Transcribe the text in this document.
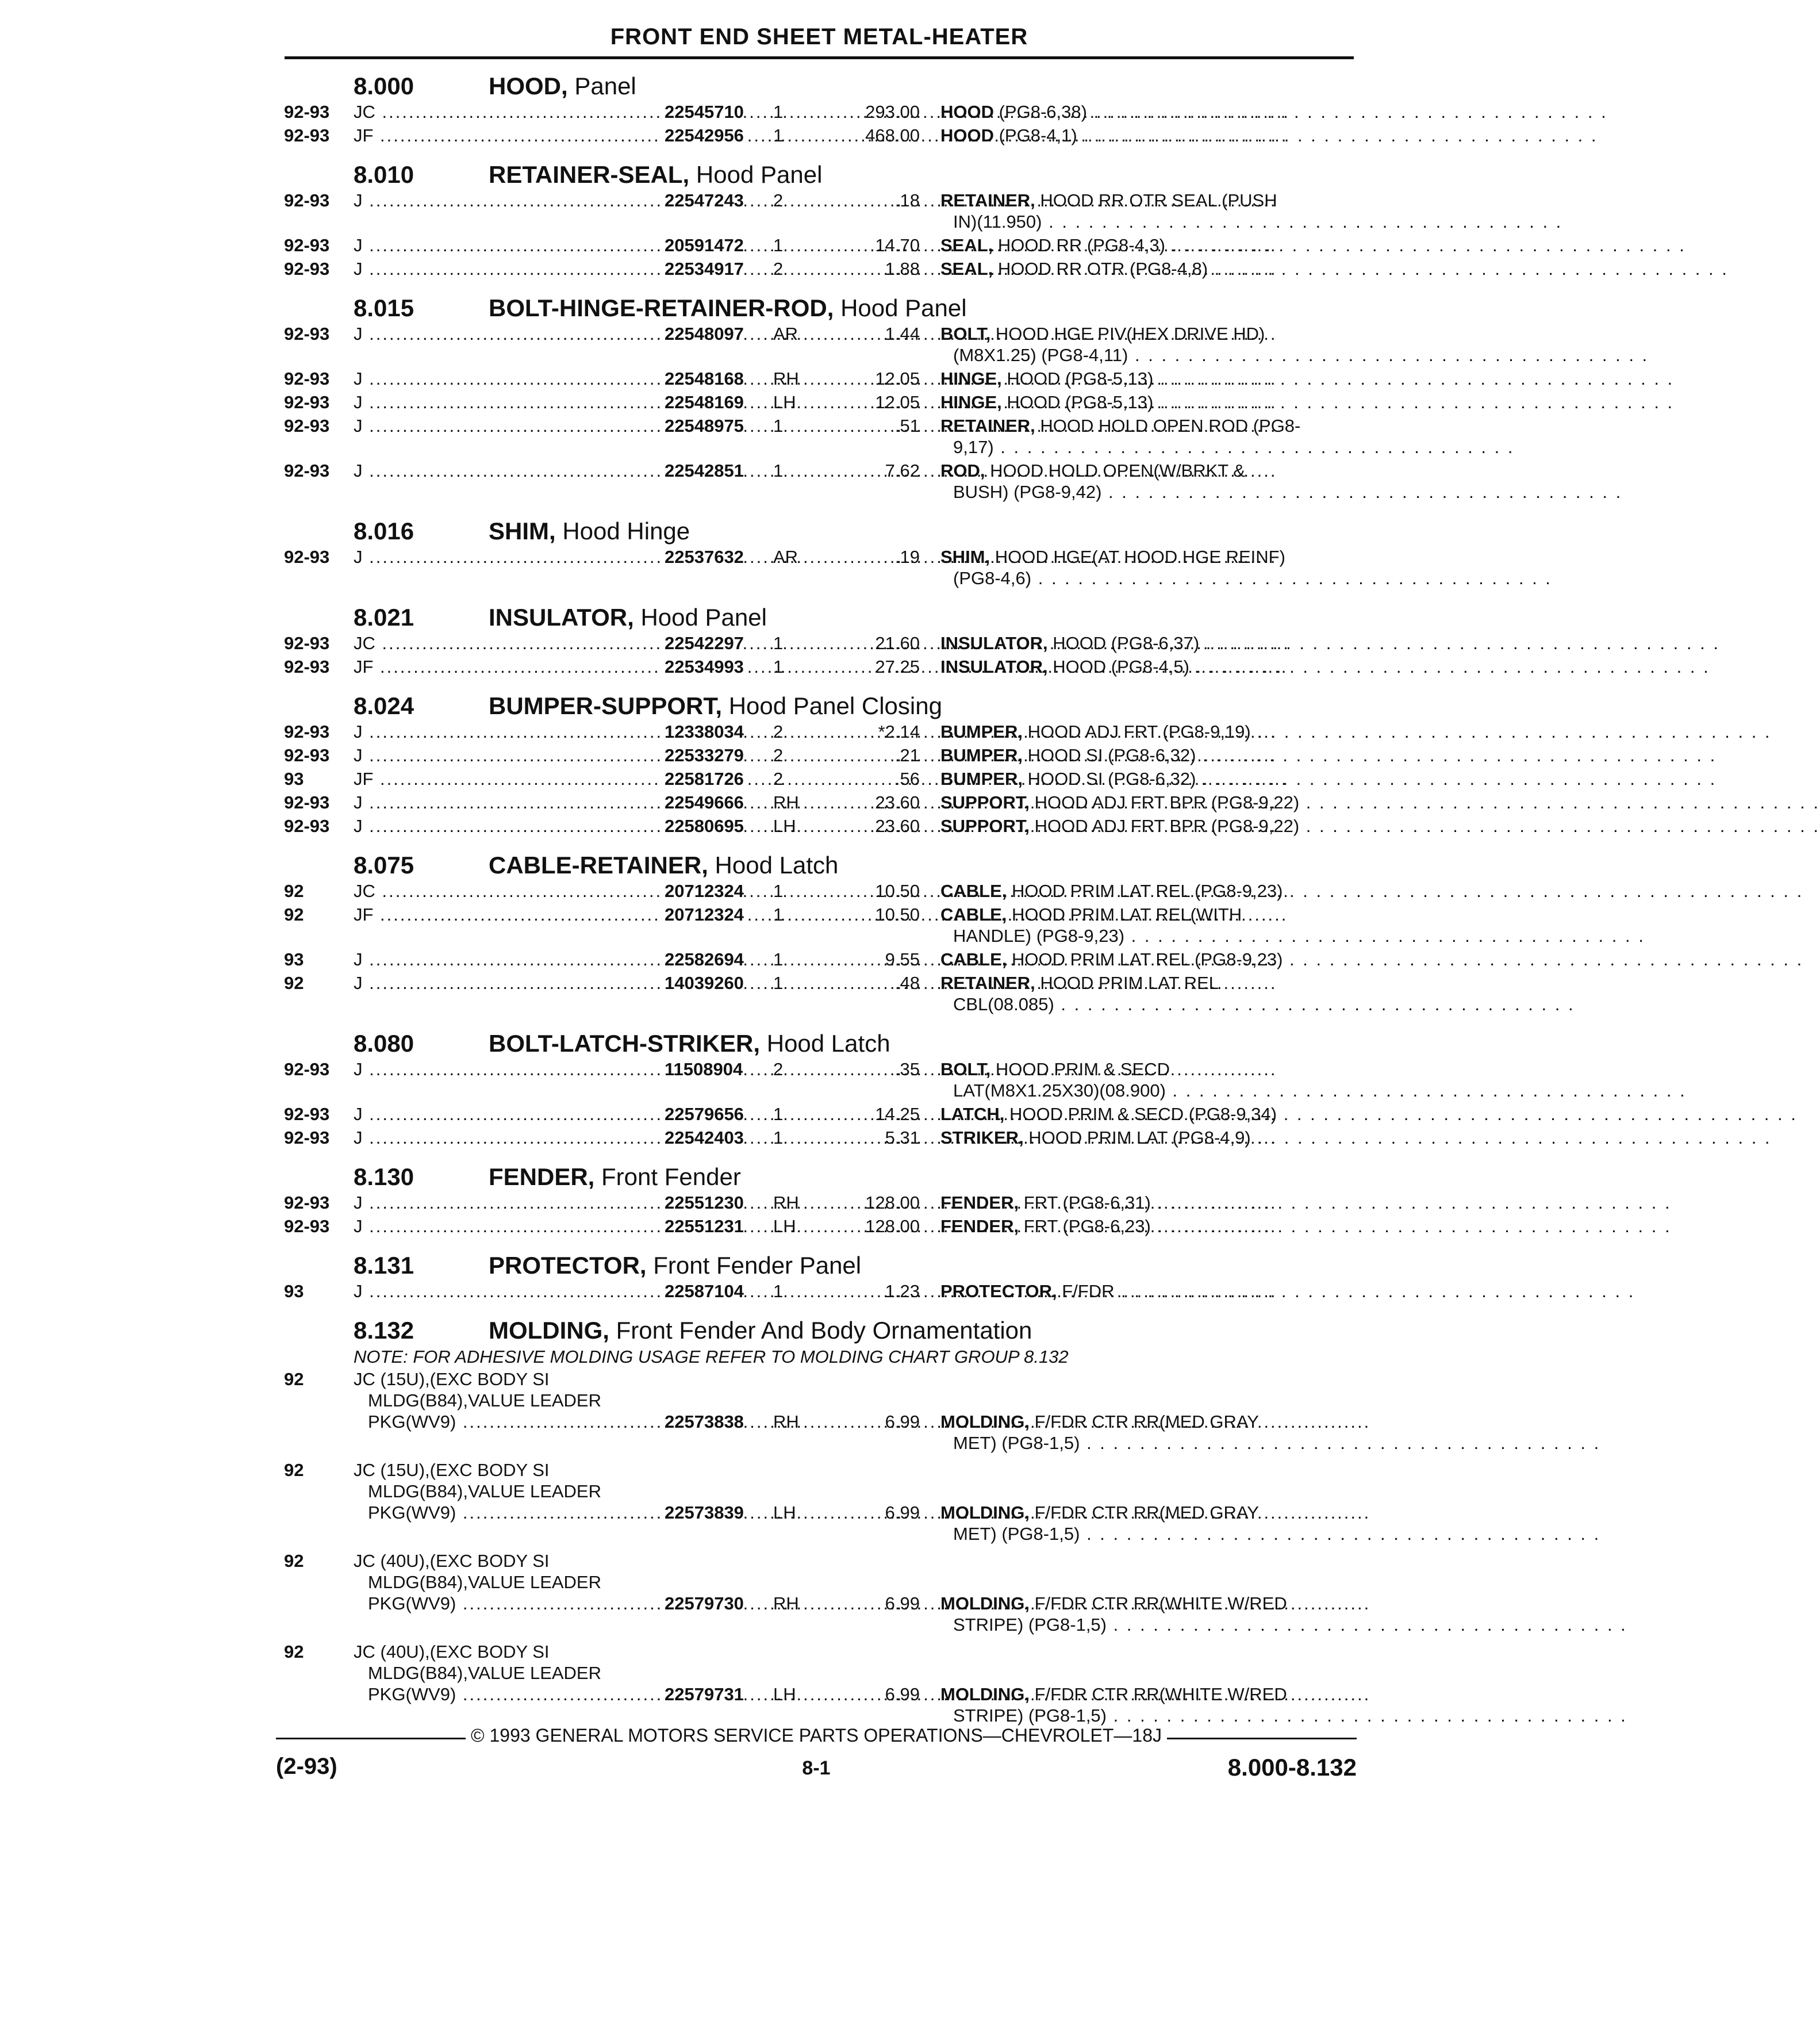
FRONT END SHEET METAL-HEATER
8.000	HOOD, Panel
92-93 JC .....	22545710 1	293.00 HOOD (PG8-6,38) . . . . . . . . . . . . . . . . . . . . . . . . . . . . . . . . . . . . . . .
92-93 JF .....	22542956 1	468.00 HOOD (PG8-4,1) . . . . . . . . . . . . . . . . . . . . . . . . . . . . . . . . . . . . . . .
8.010	RETAINER-SEAL, Hood Panel
92-93 J .....	22547243 2	.18 RETAINER, HOOD RR OTR SEAL (PUSH
IN)(11.950) . . . . . . . . . . . . . . . . . . . . . . . . . . . . . . . . . . . . . . .
92-93 J .....	20591472 1	14.70 SEAL, HOOD RR (PG8-4,3) . . . . . . . . . . . . . . . . . . . . . . . . . . . . . . . . . . . . . . .
92-93 J .....	22534917 2	1.88 SEAL, HOOD RR OTR (PG8-4,8) . . . . . . . . . . . . . . . . . . . . . . . . . . . . . . . . . . . . . . .
8.015	BOLT-HINGE-RETAINER-ROD, Hood Panel
92-93 J .....	22548097 AR	1.44 BOLT, HOOD HGE PIV(HEX DRIVE HD)
(M8X1.25) (PG8-4,11) . . . . . . . . . . . . . . . . . . . . . . . . . . . . . . . . . . . . . . .
92-93 J .....	22548168 RH	12.05 HINGE, HOOD (PG8-5,13) . . . . . . . . . . . . . . . . . . . . . . . . . . . . . . . . . . . . . . .
92-93 J .....	22548169 LH	12.05 HINGE, HOOD (PG8-5,13) . . . . . . . . . . . . . . . . . . . . . . . . . . . . . . . . . . . . . . .
92-93 J .....	22548975 1	.51 RETAINER, HOOD HOLD OPEN ROD (PG8-
9,17) . . . . . . . . . . . . . . . . . . . . . . . . . . . . . . . . . . . . . . .
92-93 J .....	22542851 1	7.62 ROD, HOOD HOLD OPEN(W/BRKT &
BUSH) (PG8-9,42) . . . . . . . . . . . . . . . . . . . . . . . . . . . . . . . . . . . . . . .
8.016	SHIM, Hood Hinge
92-93 J .....	22537632 AR	.19 SHIM, HOOD HGE(AT HOOD HGE REINF)
(PG8-4,6) . . . . . . . . . . . . . . . . . . . . . . . . . . . . . . . . . . . . . . .
8.021	INSULATOR, Hood Panel
92-93 JC .....	22542297 1	21.60 INSULATOR, HOOD (PG8-6,37) . . . . . . . . . . . . . . . . . . . . . . . . . . . . . . . . . . . . . . .
92-93 JF .....	22534993 1	27.25 INSULATOR, HOOD (PG8-4,5) . . . . . . . . . . . . . . . . . . . . . . . . . . . . . . . . . . . . . . .
8.024	BUMPER-SUPPORT, Hood Panel Closing
92-93 J .....	12338034 2	*2.14 BUMPER, HOOD ADJ FRT (PG8-9,19) . . . . . . . . . . . . . . . . . . . . . . . . . . . . . . . . . . . . . . .
92-93 J .....	22533279 2	.21 BUMPER, HOOD SI (PG8-6,32) . . . . . . . . . . . . . . . . . . . . . . . . . . . . . . . . . . . . . . .
93	JF .....	22581726 2	.56 BUMPER, HOOD SI (PG8-6,32) . . . . . . . . . . . . . . . . . . . . . . . . . . . . . . . . . . . . . . .
92-93 J .....	22549666 RH	23.60 SUPPORT, HOOD ADJ FRT BPR (PG8-9,22) . . . . . . . . . . . . . . . . . . . . . . . . . . . . . . . . . . . . . . .
92-93 J .....	22580695 LH	23.60 SUPPORT, HOOD ADJ FRT BPR (PG8-9,22) . . . . . . . . . . . . . . . . . . . . . . . . . . . . . . . . . . . . . . .
8.075	CABLE-RETAINER, Hood Latch
92	JC .....	20712324 1	10.50 CABLE, HOOD PRIM LAT REL (PG8-9,23) . . . . . . . . . . . . . . . . . . . . . . . . . . . . . . . . . . . . . . .
92	JF .....	20712324 1	10.50 CABLE, HOOD PRIM LAT REL(WITH
HANDLE) (PG8-9,23) . . . . . . . . . . . . . . . . . . . . . . . . . . . . . . . . . . . . . . .
93	J .....	22582694 1	9.55 CABLE, HOOD PRIM LAT REL (PG8-9,23) . . . . . . . . . . . . . . . . . . . . . . . . . . . . . . . . . . . . . . .
92	J .....	14039260 1	.48 RETAINER, HOOD PRIM LAT REL
CBL(08.085) . . . . . . . . . . . . . . . . . . . . . . . . . . . . . . . . . . . . . . .
8.080	BOLT-LATCH-STRIKER, Hood Latch
92-93 J .....	11508904 2	.35 BOLT, HOOD PRIM & SECD
LAT(M8X1.25X30)(08.900) . . . . . . . . . . . . . . . . . . . . . . . . . . . . . . . . . . . . . . .
92-93 J .....	22579656 1	14.25 LATCH, HOOD PRIM & SECD (PG8-9,34) . . . . . . . . . . . . . . . . . . . . . . . . . . . . . . . . . . . . . . .
92-93 J .....	22542403 1	5.31 STRIKER, HOOD PRIM LAT (PG8-4,9) . . . . . . . . . . . . . . . . . . . . . . . . . . . . . . . . . . . . . . .
8.130	FENDER, Front Fender
92-93 J .....	22551230 RH	128.00 FENDER, FRT (PG8-6,31) . . . . . . . . . . . . . . . . . . . . . . . . . . . . . . . . . . . . . . .
92-93 J .....	22551231 LH	128.00 FENDER, FRT (PG8-6,23) . . . . . . . . . . . . . . . . . . . . . . . . . . . . . . . . . . . . . . .
8.131	PROTECTOR, Front Fender Panel
93	J .....	22587104 1	1.23 PROTECTOR, F/FDR . . . . . . . . . . . . . . . . . . . . . . . . . . . . . . . . . . . . . . .
8.132	MOLDING, Front Fender And Body Ornamentation
NOTE: FOR ADHESIVE MOLDING USAGE REFER TO MOLDING CHART GROUP 8.132
92	JC (15U),(EXC BODY SI
MLDG(B84),VALUE LEADER
PKG(WV9) .....	22573838 RH	6.99 MOLDING, F/FDR CTR RR(MED GRAY
MET) (PG8-1,5) . . . . . . . . . . . . . . . . . . . . . . . . . . . . . . . . . . . . . . .
92	JC (15U),(EXC BODY SI
MLDG(B84),VALUE LEADER
PKG(WV9) .....	22573839 LH	6.99 MOLDING, F/FDR CTR RR(MED GRAY
MET) (PG8-1,5) . . . . . . . . . . . . . . . . . . . . . . . . . . . . . . . . . . . . . . .
92	JC (40U),(EXC BODY SI
MLDG(B84),VALUE LEADER
PKG(WV9) .....	22579730 RH	6.99 MOLDING, F/FDR CTR RR(WHITE W/RED
STRIPE) (PG8-1,5) . . . . . . . . . . . . . . . . . . . . . . . . . . . . . . . . . . . . . . .
92	JC (40U),(EXC BODY SI
MLDG(B84),VALUE LEADER
PKG(WV9) .....	22579731 LH	6.99 MOLDING, F/FDR CTR RR(WHITE W/RED
STRIPE) (PG8-1,5) . . . . . . . . . . . . . . . . . . . . . . . . . . . . . . . . . . . . . . .
© 1993 GENERAL MOTORS SERVICE PARTS OPERATIONS—CHEVROLET—18J
(2-93)	8-1	8.000-8.132
